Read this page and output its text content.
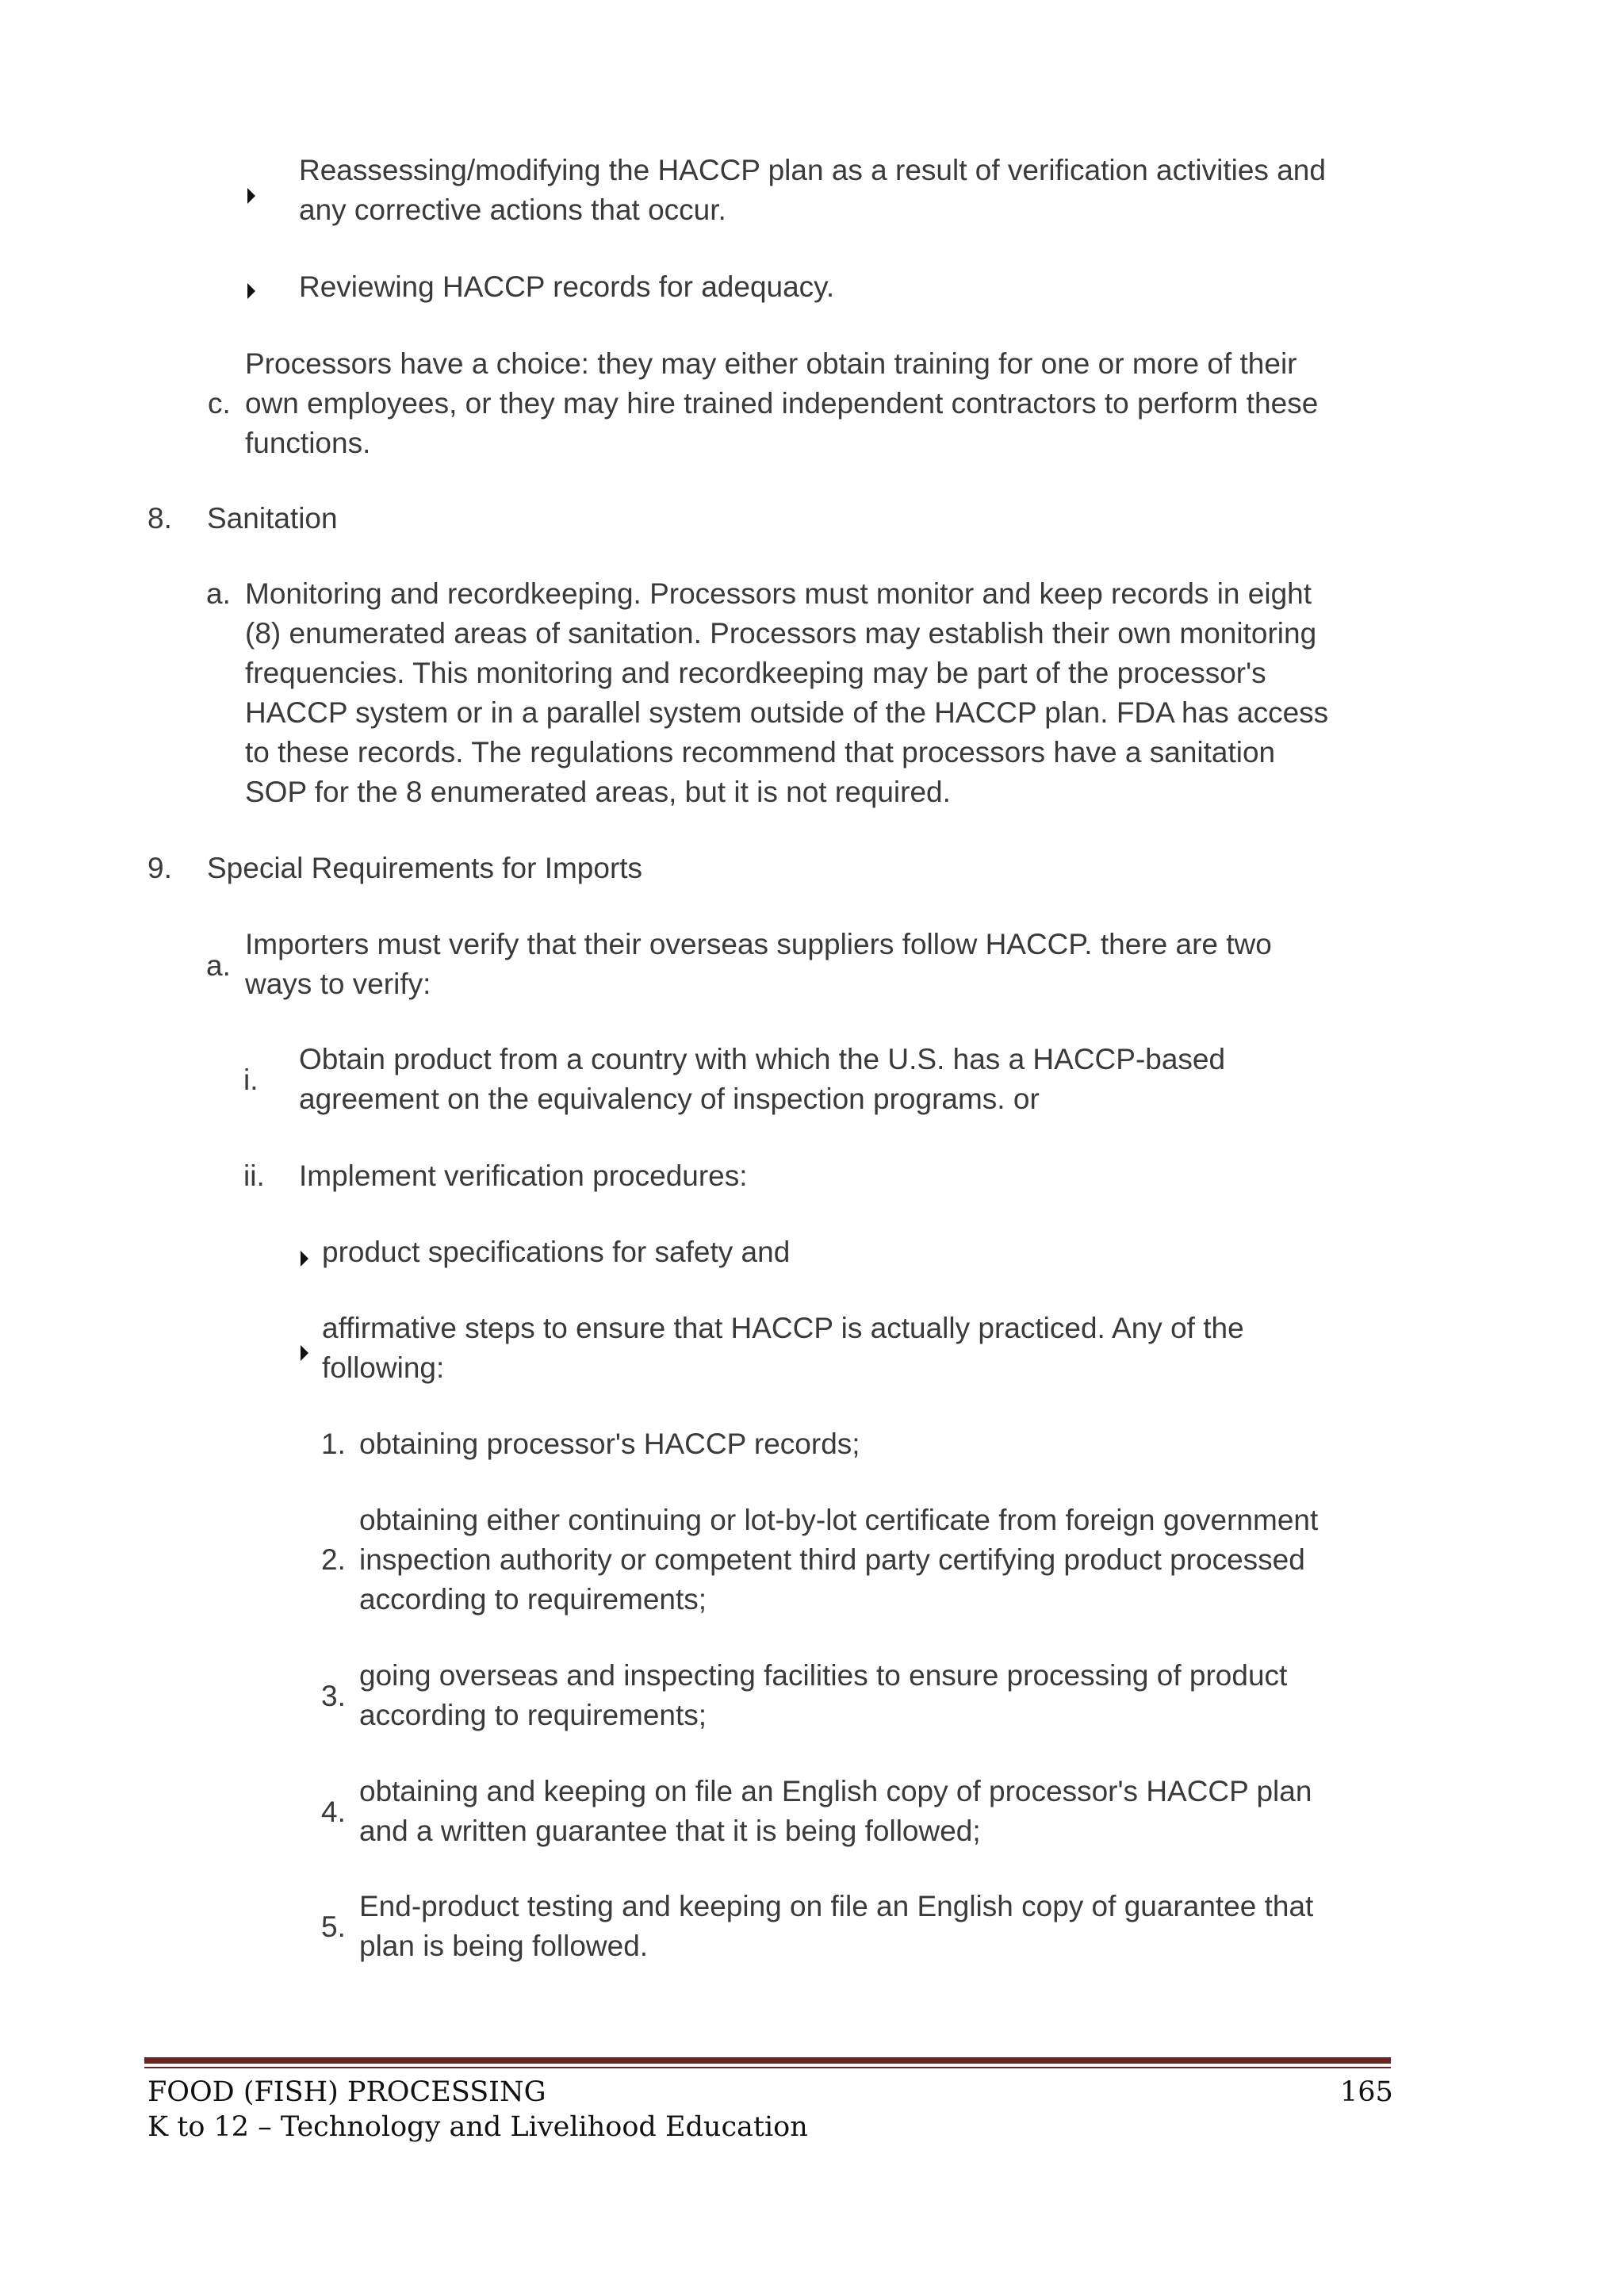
Reassessing/modifying the HACCP plan as a result of verification activities and

any corrective actions that occur.

Reviewing HACCP records for adequacy.

c.

Processors have a choice: they may either obtain training for one or more of their

own employees, or they may hire trained independent contractors to perform these

functions.

8. Sanitation
a. Monitoring and recordkeeping. Processors must monitor and keep records in eight

(8) enumerated areas of sanitation. Processors may establish their own monitoring

frequencies. This monitoring and recordkeeping may be part of the processor's

HACCP system or in a parallel system outside of the HACCP plan. FDA has access

to these records. The regulations recommend that processors have a sanitation

SOP for the 8 enumerated areas, but it is not required.

9. Special Requirements for Imports
a.

Importers must verify that their overseas suppliers follow HACCP. there are two

ways to verify:

i.

Obtain product from a country with which the U.S. has a HACCP-based

agreement on the equivalency of inspection programs. or

ii. Implement verification procedures:

product specifications for safety and

affirmative steps to ensure that HACCP is actually practiced. Any of the

following:

1. obtaining processor's HACCP records;

2.

obtaining either continuing or lot-by-lot certificate from foreign government

inspection authority or competent third party certifying product processed

according to requirements;

3.

going overseas and inspecting facilities to ensure processing of product

according to requirements;

4.

obtaining and keeping on file an English copy of processor's HACCP plan

and a written guarantee that it is being followed;

5.

End-product testing and keeping on file an English copy of guarantee that

plan is being followed.

FOOD (FISH) PROCESSING
K to 12 – Technology and Livelihood Education
165
